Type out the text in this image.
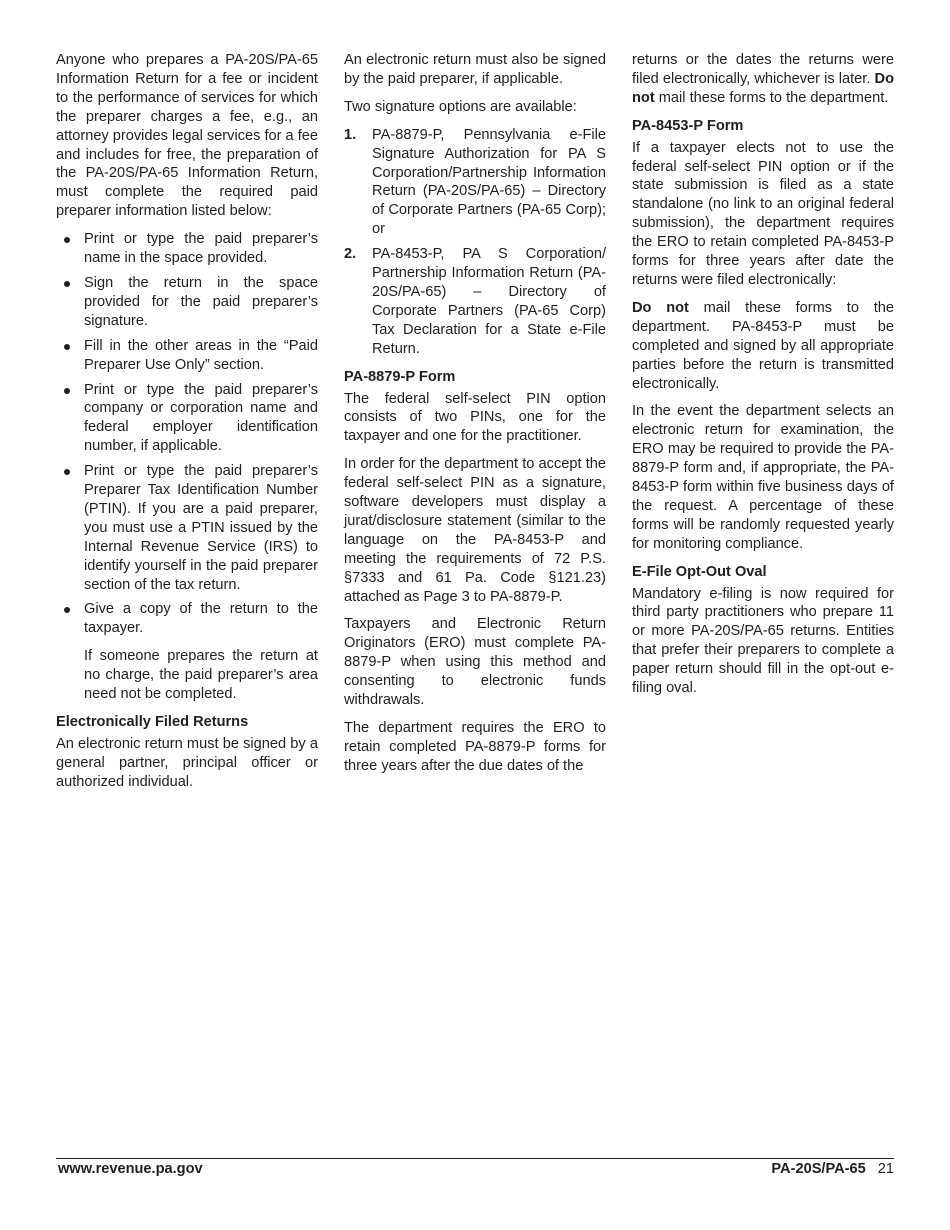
Anyone who prepares a PA-20S/PA-65 Information Return for a fee or incident to the performance of services for which the preparer charges a fee, e.g., an attorney provides legal services for a fee and includes for free, the preparation of the PA-20S/PA-65 Information Return, must complete the required paid preparer information listed below:

Print or type the paid preparer’s name in the space provided.
Sign the return in the space provided for the paid preparer’s signature.
Fill in the other areas in the “Paid Preparer Use Only” section.
Print or type the paid preparer’s company or corporation name and federal employer identification number, if applicable.
Print or type the paid preparer’s Preparer Tax Identification Number (PTIN). If you are a paid preparer, you must use a PTIN issued by the Internal Revenue Service (IRS) to identify yourself in the paid preparer section of the tax return.
Give a copy of the return to the taxpayer.

If someone prepares the return at no charge, the paid preparer’s area need not be completed.

Electronically Filed Returns

An electronic return must be signed by a general partner, principal officer or authorized individual.

An electronic return must also be signed by the paid preparer, if applicable.

Two signature options are available:

1. PA-8879-P, Pennsylvania e-File Signature Authorization for PA S Corporation/Partnership Information Return (PA-20S/PA-65) – Directory of Corporate Partners (PA-65 Corp); or
2. PA-8453-P, PA S Corporation/ Partnership Information Return (PA-20S/PA-65) – Directory of Corporate Partners (PA-65 Corp) Tax Declaration for a State e-File Return.
PA-8879-P Form

The federal self-select PIN option consists of two PINs, one for the taxpayer and one for the practitioner.

In order for the department to accept the federal self-select PIN as a signature, software developers must display a jurat/disclosure statement (similar to the language on the PA-8453-P and meeting the requirements of 72 P.S. §7333 and 61 Pa. Code §121.23) attached as Page 3 to PA-8879-P.

Taxpayers and Electronic Return Originators (ERO) must complete PA-8879-P when using this method and consenting to electronic funds withdrawals.

The department requires the ERO to retain completed PA-8879-P forms for three years after the due dates of the

returns or the dates the returns were filed electronically, whichever is later. Do not mail these forms to the department.

PA-8453-P Form

If a taxpayer elects not to use the federal self-select PIN option or if the state submission is filed as a state standalone (no link to an original federal submission), the department requires the ERO to retain completed PA-8453-P forms for three years after date the returns were filed electronically:

Do not mail these forms to the department. PA-8453-P must be completed and signed by all appropriate parties before the return is transmitted electronically.

In the event the department selects an electronic return for examination, the ERO may be required to provide the PA-8879-P form and, if appropriate, the PA-8453-P form within five business days of the request. A percentage of these forms will be randomly requested yearly for monitoring compliance.

E-File Opt-Out Oval

Mandatory e-filing is now required for third party practitioners who prepare 11 or more PA-20S/PA-65 returns. Entities that prefer their preparers to complete a paper return should fill in the opt-out e-filing oval.

www.revenue.pa.gov	PA-20S/PA-65 21
